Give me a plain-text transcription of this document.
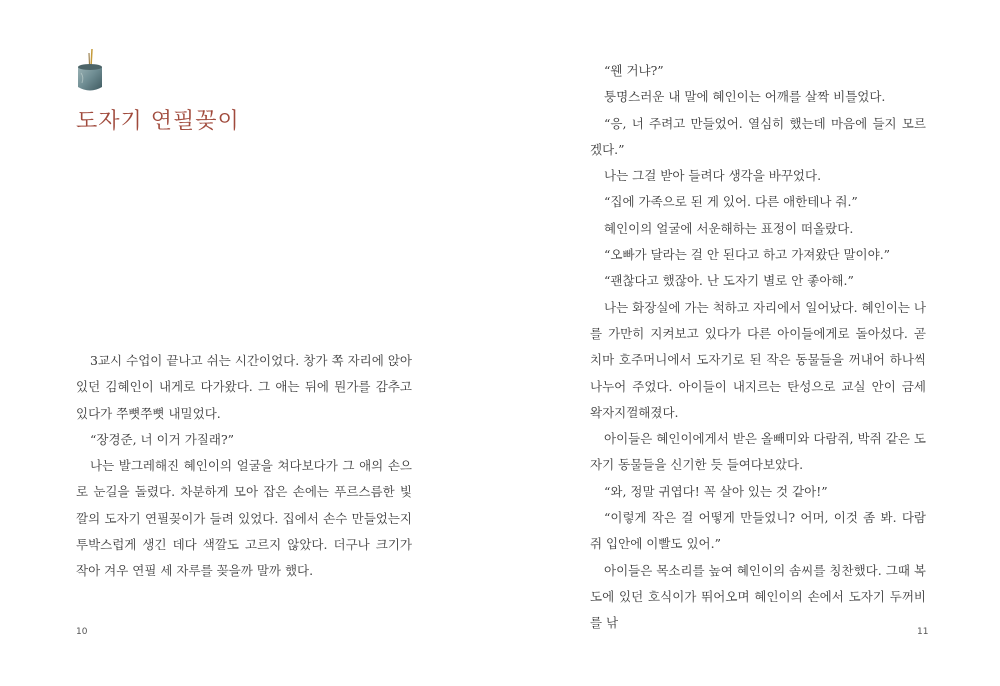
도자기 연필꽂이

3교시 수업이 끝나고 쉬는 시간이었다. 창가 쪽 자리에 앉아 있던 김혜인이 내게로 다가왔다. 그 애는 뒤에 뭔가를 감추고 있다가 쭈뼛쭈뼛 내밀었다.

“장경준, 너 이거 가질래?”

나는 발그레해진 혜인이의 얼굴을 쳐다보다가 그 애의 손으로 눈길을 돌렸다. 차분하게 모아 잡은 손에는 푸르스름한 빛깔의 도자기 연필꽂이가 들려 있었다. 집에서 손수 만들었는지 투박스럽게 생긴 데다 색깔도 고르지 않았다. 더구나 크기가 작아 겨우 연필 세 자루를 꽂을까 말까 했다.

10	11

“웬 거냐?”

퉁명스러운 내 말에 혜인이는 어깨를 살짝 비틀었다.

“응, 너 주려고 만들었어. 열심히 했는데 마음에 들지 모르겠다.”

나는 그걸 받아 들려다 생각을 바꾸었다.

“집에 가족으로 된 게 있어. 다른 애한테나 줘.”

혜인이의 얼굴에 서운해하는 표정이 떠올랐다.

“오빠가 달라는 걸 안 된다고 하고 가져왔단 말이야.”

“괜찮다고 했잖아. 난 도자기 별로 안 좋아해.”

나는 화장실에 가는 척하고 자리에서 일어났다. 혜인이는 나를 가만히 지켜보고 있다가 다른 아이들에게로 돌아섰다. 곧 치마 호주머니에서 도자기로 된 작은 동물들을 꺼내어 하나씩 나누어 주었다. 아이들이 내지르는 탄성으로 교실 안이 금세 왁자지껄해졌다.

아이들은 혜인이에게서 받은 올빼미와 다람쥐, 박쥐 같은 도자기 동물들을 신기한 듯 들여다보았다.

“와, 정말 귀엽다! 꼭 살아 있는 것 같아!”

“이렇게 작은 걸 어떻게 만들었니? 어머, 이것 좀 봐. 다람쥐 입안에 이빨도 있어.”

아이들은 목소리를 높여 혜인이의 솜씨를 칭찬했다. 그때 복도에 있던 호식이가 뛰어오며 혜인이의 손에서 도자기 두꺼비를 낚
